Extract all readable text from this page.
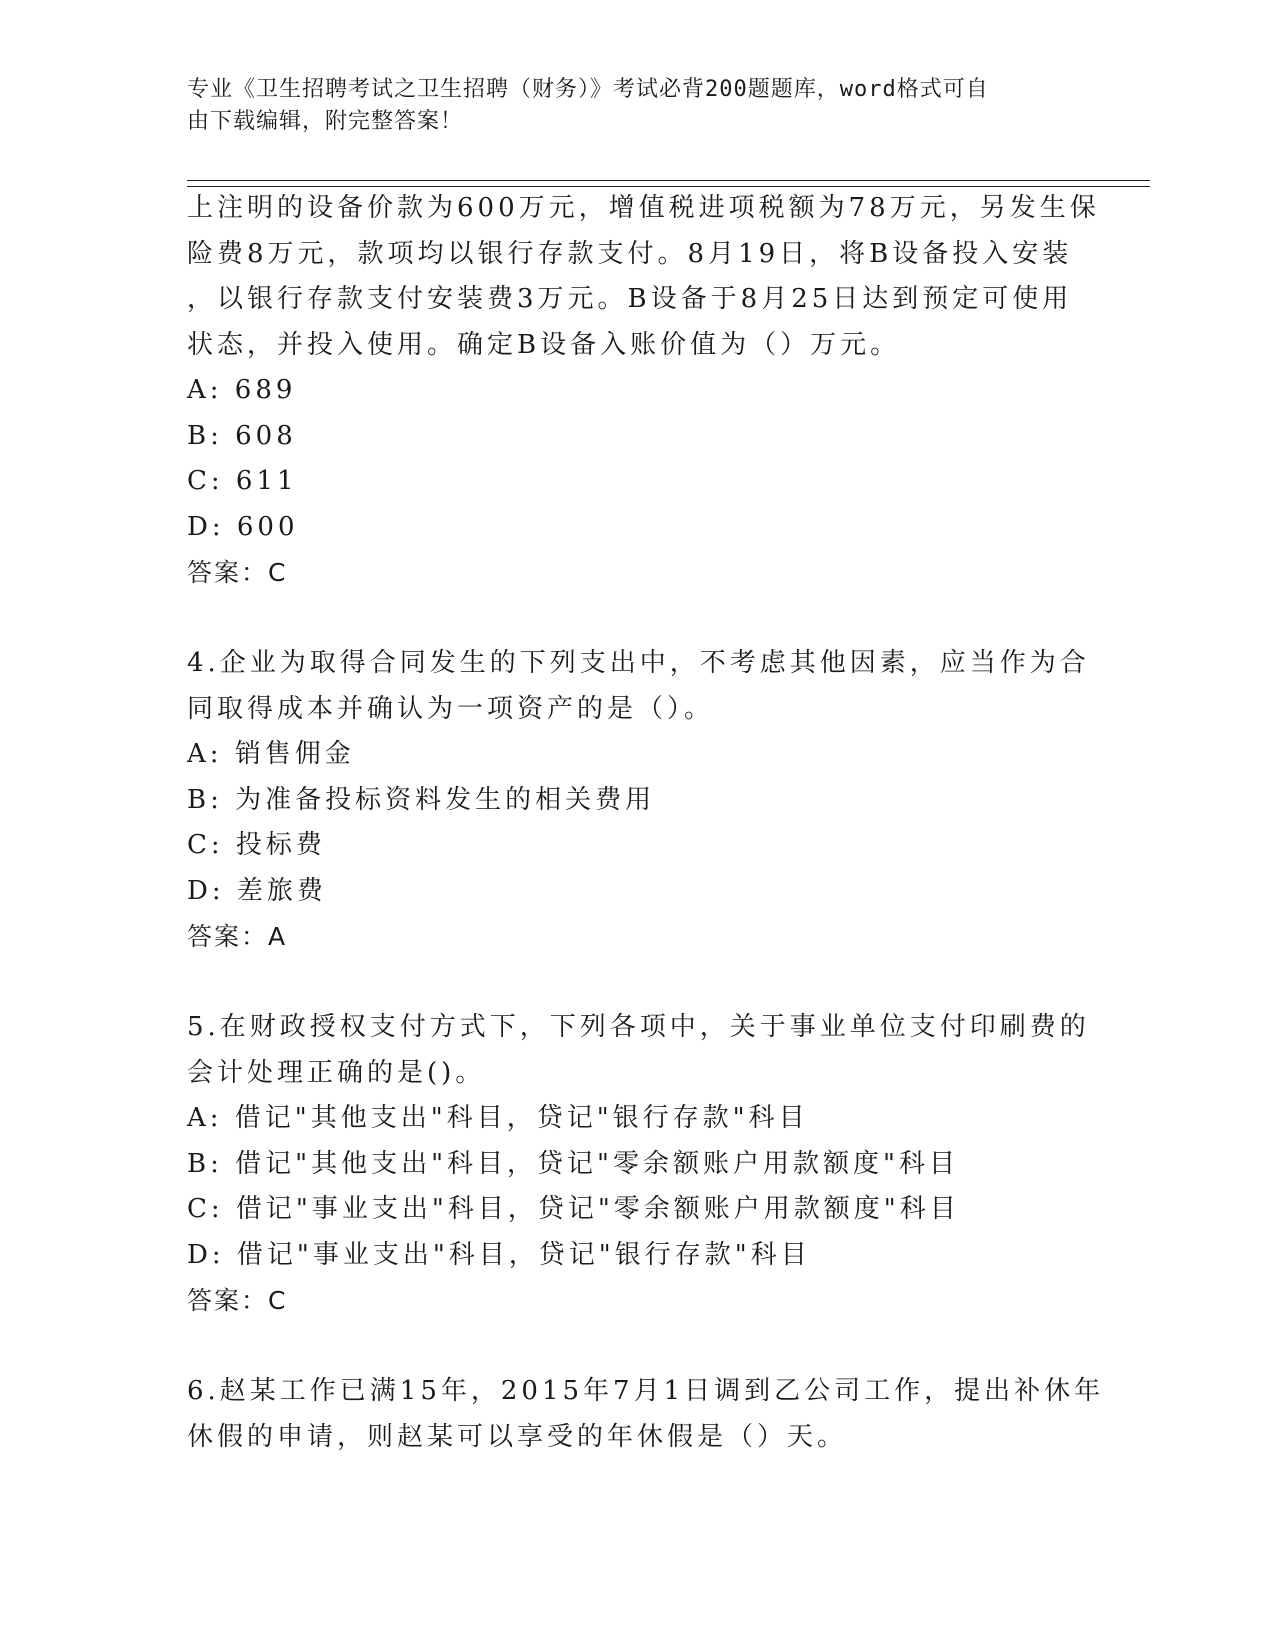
专业《卫生招聘考试之卫生招聘（财务）》考试必背200题题库，word格式可自
由下载编辑，附完整答案！
上注明的设备价款为600万元，增值税进项税额为78万元，另发生保
险费8万元，款项均以银行存款支付。8月19日，将B设备投入安装
，以银行存款支付安装费3万元。B设备于8月25日达到预定可使用
状态，并投入使用。确定B设备入账价值为（）万元。
A: 689
B: 608
C: 611
D: 600
答案：C
4.企业为取得合同发生的下列支出中，不考虑其他因素，应当作为合
同取得成本并确认为一项资产的是（）。
A: 销售佣金
B: 为准备投标资料发生的相关费用
C: 投标费
D: 差旅费
答案：A
5.在财政授权支付方式下，下列各项中，关于事业单位支付印刷费的
会计处理正确的是()。
A: 借记"其他支出"科目，贷记"银行存款"科目
B: 借记"其他支出"科目，贷记"零余额账户用款额度"科目
C: 借记"事业支出"科目，贷记"零余额账户用款额度"科目
D: 借记"事业支出"科目，贷记"银行存款"科目
答案：C
6.赵某工作已满15年，2015年7月1日调到乙公司工作，提出补休年
休假的申请，则赵某可以享受的年休假是（）天。
